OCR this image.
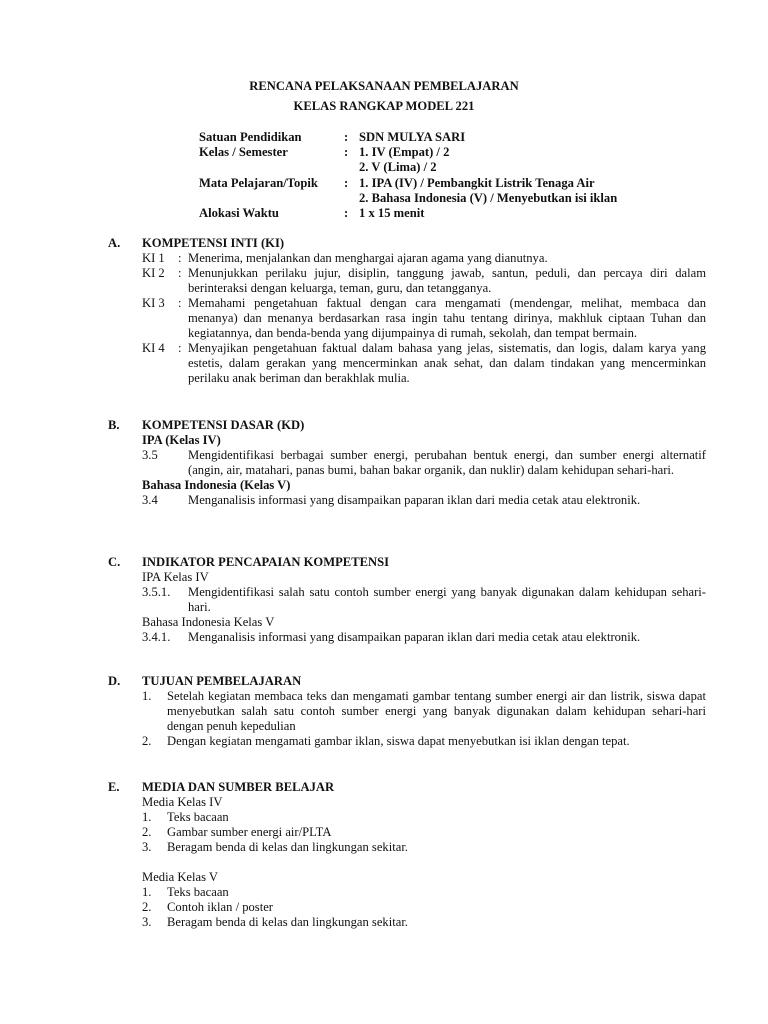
RENCANA PELAKSANAAN PEMBELAJARAN
KELAS RANGKAP MODEL 221
Satuan Pendidikan	: SDN MULYA SARI
Kelas / Semester	: 1. IV (Empat) / 2
2. V (Lima) / 2
Mata Pelajaran/Topik	: 1. IPA (IV) / Pembangkit Listrik Tenaga Air
2. Bahasa Indonesia (V) / Menyebutkan isi iklan
Alokasi Waktu	: 1 x 15 menit
A.	KOMPETENSI INTI (KI)
KI 1	: Menerima, menjalankan dan menghargai ajaran agama yang dianutnya.
KI 2	: Menunjukkan perilaku jujur, disiplin, tanggung jawab, santun, peduli, dan percaya diri dalam berinteraksi dengan keluarga, teman, guru, dan tetangganya.
KI 3	: Memahami pengetahuan faktual dengan cara mengamati (mendengar, melihat, membaca dan menanya) dan menanya berdasarkan rasa ingin tahu tentang dirinya, makhluk ciptaan Tuhan dan kegiatannya, dan benda-benda yang dijumpainya di rumah, sekolah, dan tempat bermain.
KI 4	: Menyajikan pengetahuan faktual dalam bahasa yang jelas, sistematis, dan logis, dalam karya yang estetis, dalam gerakan yang mencerminkan anak sehat, dan dalam tindakan yang mencerminkan perilaku anak beriman dan berakhlak mulia.
B.	KOMPETENSI DASAR (KD)
IPA (Kelas IV)
3.5	Mengidentifikasi berbagai sumber energi, perubahan bentuk energi, dan sumber energi alternatif (angin, air, matahari, panas bumi, bahan bakar organik, dan nuklir) dalam kehidupan sehari-hari.
Bahasa Indonesia (Kelas V)
3.4	Menganalisis informasi yang disampaikan paparan iklan dari media cetak atau elektronik.
C.	INDIKATOR PENCAPAIAN KOMPETENSI
IPA Kelas IV
3.5.1.	Mengidentifikasi salah satu contoh sumber energi yang banyak digunakan dalam kehidupan sehari-hari.
Bahasa Indonesia Kelas V
3.4.1.	Menganalisis informasi yang disampaikan paparan iklan dari media cetak atau elektronik.
D.	TUJUAN PEMBELAJARAN
1.	Setelah kegiatan membaca teks dan mengamati gambar tentang sumber energi air dan listrik, siswa dapat menyebutkan salah satu contoh sumber energi yang banyak digunakan dalam kehidupan sehari-hari dengan penuh kepedulian
2.	Dengan kegiatan mengamati gambar iklan, siswa dapat menyebutkan isi iklan dengan tepat.
E.	MEDIA DAN SUMBER BELAJAR
Media Kelas IV
1.	Teks bacaan
2.	Gambar sumber energi air/PLTA
3.	Beragam benda di kelas dan lingkungan sekitar.
Media Kelas V
1.	Teks bacaan
2.	Contoh iklan / poster
3.	Beragam benda di kelas dan lingkungan sekitar.
